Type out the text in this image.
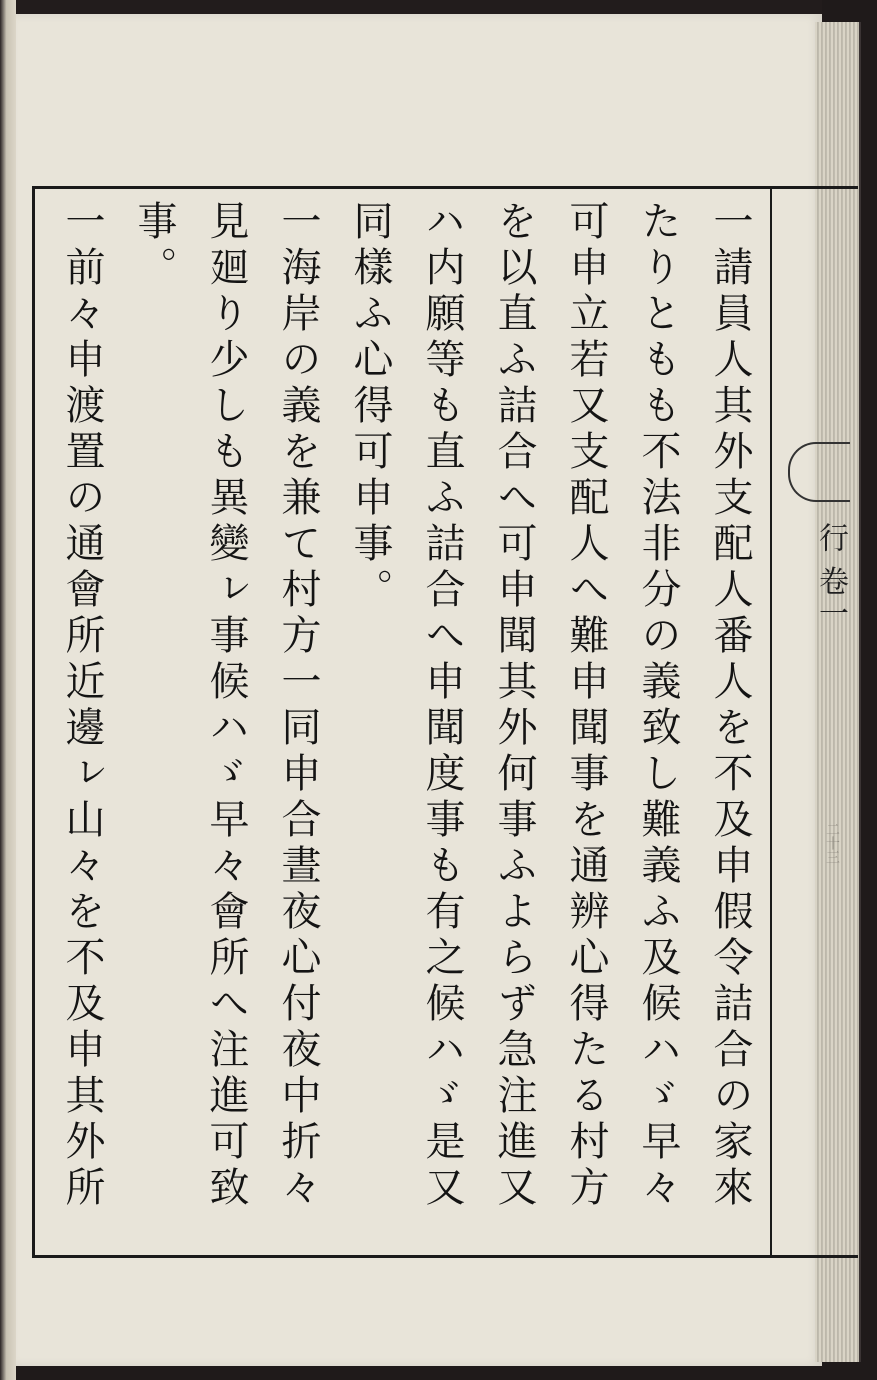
行 卷一
二十三

一請員人其外支配人番人を不及申假令詰合の家來たりともも不法非分の義致し難義ふ及候ハゞ早々可申立若又支配人へ難申聞事を通辨心得たる村方を以直ふ詰合へ可申聞其外何事ふよらず急注進又ハ内願等も直ふ詰合へ申聞度事も有之候ハゞ是又同樣ふ心得可申事。

一海岸の義を兼て村方一同申合晝夜心付夜中折々見廻り少しも異變ㇾ事候ハゞ早々會所へ注進可致事。

一前々申渡置の通會所近邊ㇾ山々を不及申其外所
